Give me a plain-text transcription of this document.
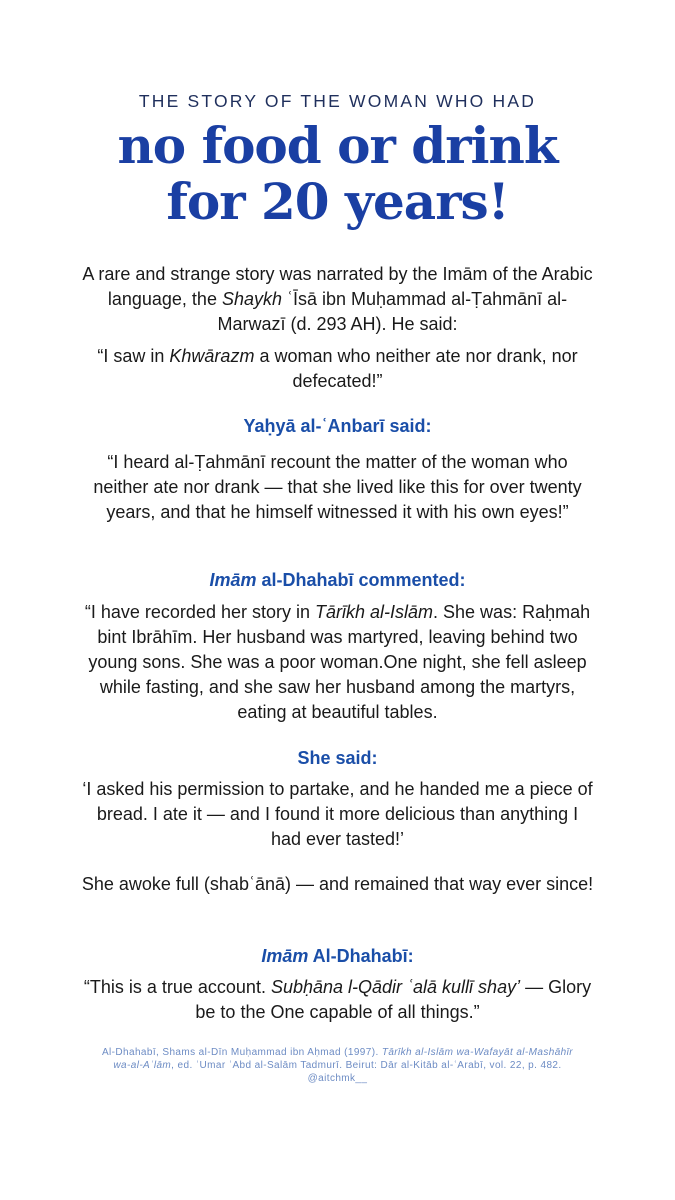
THE STORY OF THE WOMAN WHO HAD
no food or drink
for 20 years!

A rare and strange story was narrated by the Imām of the Arabic language, the Shaykh ʿĪsā ibn Muḥammad al-Ṭahmānī al-Marwazī (d. 293 AH). He said:

“I saw in Khwārazm a woman who neither ate nor drank, nor defecated!”

Yaḥyā al-ʿAnbarī said:

“I heard al-Ṭahmānī recount the matter of the woman who neither ate nor drank — that she lived like this for over twenty years, and that he himself witnessed it with his own eyes!”

Imām al-Dhahabī commented:

“I have recorded her story in Tārīkh al-Islām. She was: Raḥmah bint Ibrāhīm. Her husband was martyred, leaving behind two young sons. She was a poor woman.One night, she fell asleep while fasting, and she saw her husband among the martyrs, eating at beautiful tables.

She said:

‘I asked his permission to partake, and he handed me a piece of bread. I ate it — and I found it more delicious than anything I had ever tasted!’

She awoke full (shabʿānā) — and remained that way ever since!

Imām Al-Dhahabī:

“This is a true account. Subḥāna l-Qādir ʿalā kullī shay’ — Glory be to the One capable of all things.”

Al-Dhahabī, Shams al-Dīn Muḥammad ibn Aḥmad (1997). Tārīkh al-Islām wa-Wafayāt al-Mashāhīr wa-al-Aʿlām, ed. ʿUmar ʿAbd al-Salām Tadmurī. Beirut: Dār al-Kitāb al-ʿArabī, vol. 22, p. 482. @aitchmk__
